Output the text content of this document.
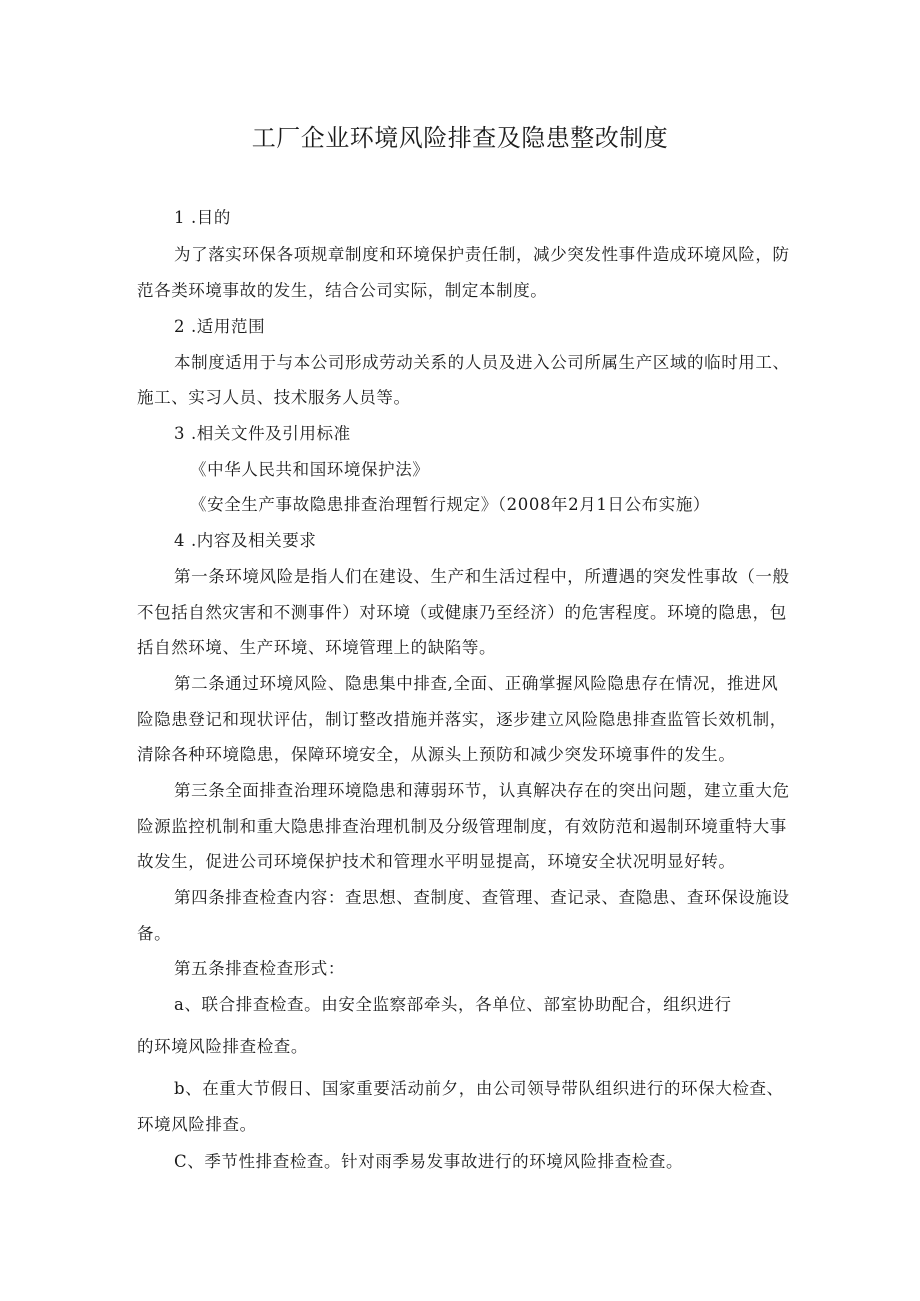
工厂企业环境风险排查及隐患整改制度
1 .目的
为了落实环保各项规章制度和环境保护责任制，减少突发性事件造成环境风险，防
范各类环境事故的发生，结合公司实际，制定本制度。
2 .适用范围
本制度适用于与本公司形成劳动关系的人员及进入公司所属生产区域的临时用工、
施工、实习人员、技术服务人员等。
3 .相关文件及引用标准
《中华人民共和国环境保护法》
《安全生产事故隐患排查治理暂行规定》（2008年2月1日公布实施）
4 .内容及相关要求
第一条环境风险是指人们在建设、生产和生活过程中，所遭遇的突发性事故（一般
不包括自然灾害和不测事件）对环境（或健康乃至经济）的危害程度。环境的隐患，包
括自然环境、生产环境、环境管理上的缺陷等。
第二条通过环境风险、隐患集中排查,全面、正确掌握风险隐患存在情况，推进风
险隐患登记和现状评估，制订整改措施并落实，逐步建立风险隐患排查监管长效机制，
清除各种环境隐患，保障环境安全，从源头上预防和减少突发环境事件的发生。
第三条全面排查治理环境隐患和薄弱环节，认真解决存在的突出问题，建立重大危
险源监控机制和重大隐患排查治理机制及分级管理制度，有效防范和遏制环境重特大事
故发生，促进公司环境保护技术和管理水平明显提高，环境安全状况明显好转。
第四条排查检查内容：查思想、查制度、查管理、查记录、查隐患、查环保设施设
备。
第五条排查检查形式：
a、联合排查检查。由安全监察部牵头，各单位、部室协助配合，组织进行
的环境风险排查检查。
b、在重大节假日、国家重要活动前夕，由公司领导带队组织进行的环保大检查、
环境风险排查。
C、季节性排查检查。针对雨季易发事故进行的环境风险排查检查。
